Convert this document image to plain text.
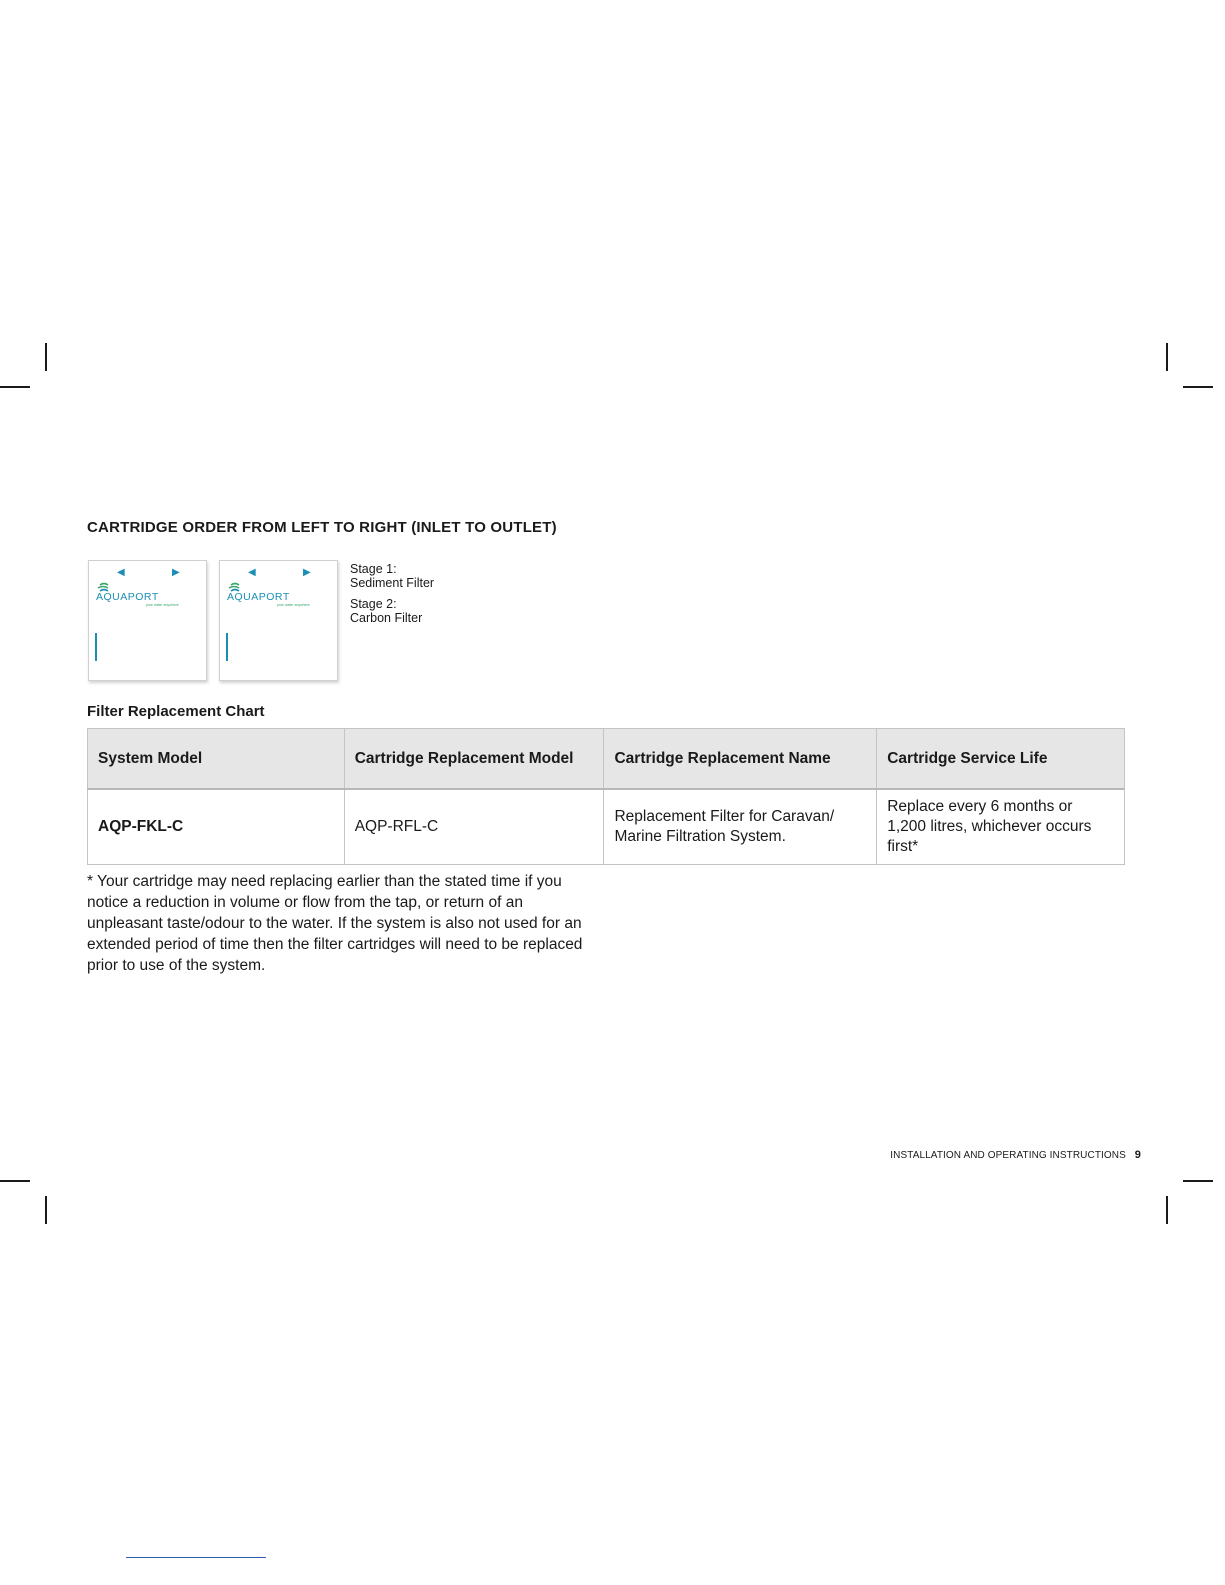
CARTRIDGE ORDER FROM LEFT TO RIGHT (INLET TO OUTLET)
◀	▶
AQUAPORT
pure water anywhere
◀	▶
AQUAPORT
pure water anywhere
Stage 1:
Sediment Filter
Stage 2:
Carbon Filter
Filter Replacement Chart
System Model	Cartridge Replacement Model	Cartridge Replacement Name	Cartridge Service Life
AQP-FKL-C	AQP-RFL-C	Replacement Filter for Caravan/ Marine Filtration System.	Replace every 6 months or 1,200 litres, whichever occurs first*

* Your cartridge may need replacing earlier than the stated time if you notice a reduction in volume or flow from the tap, or return of an unpleasant taste/odour to the water. If the system is also not used for an extended period of time then the filter cartridges will need to be replaced prior to use of the system.

INSTALLATION AND OPERATING INSTRUCTIONS 9
